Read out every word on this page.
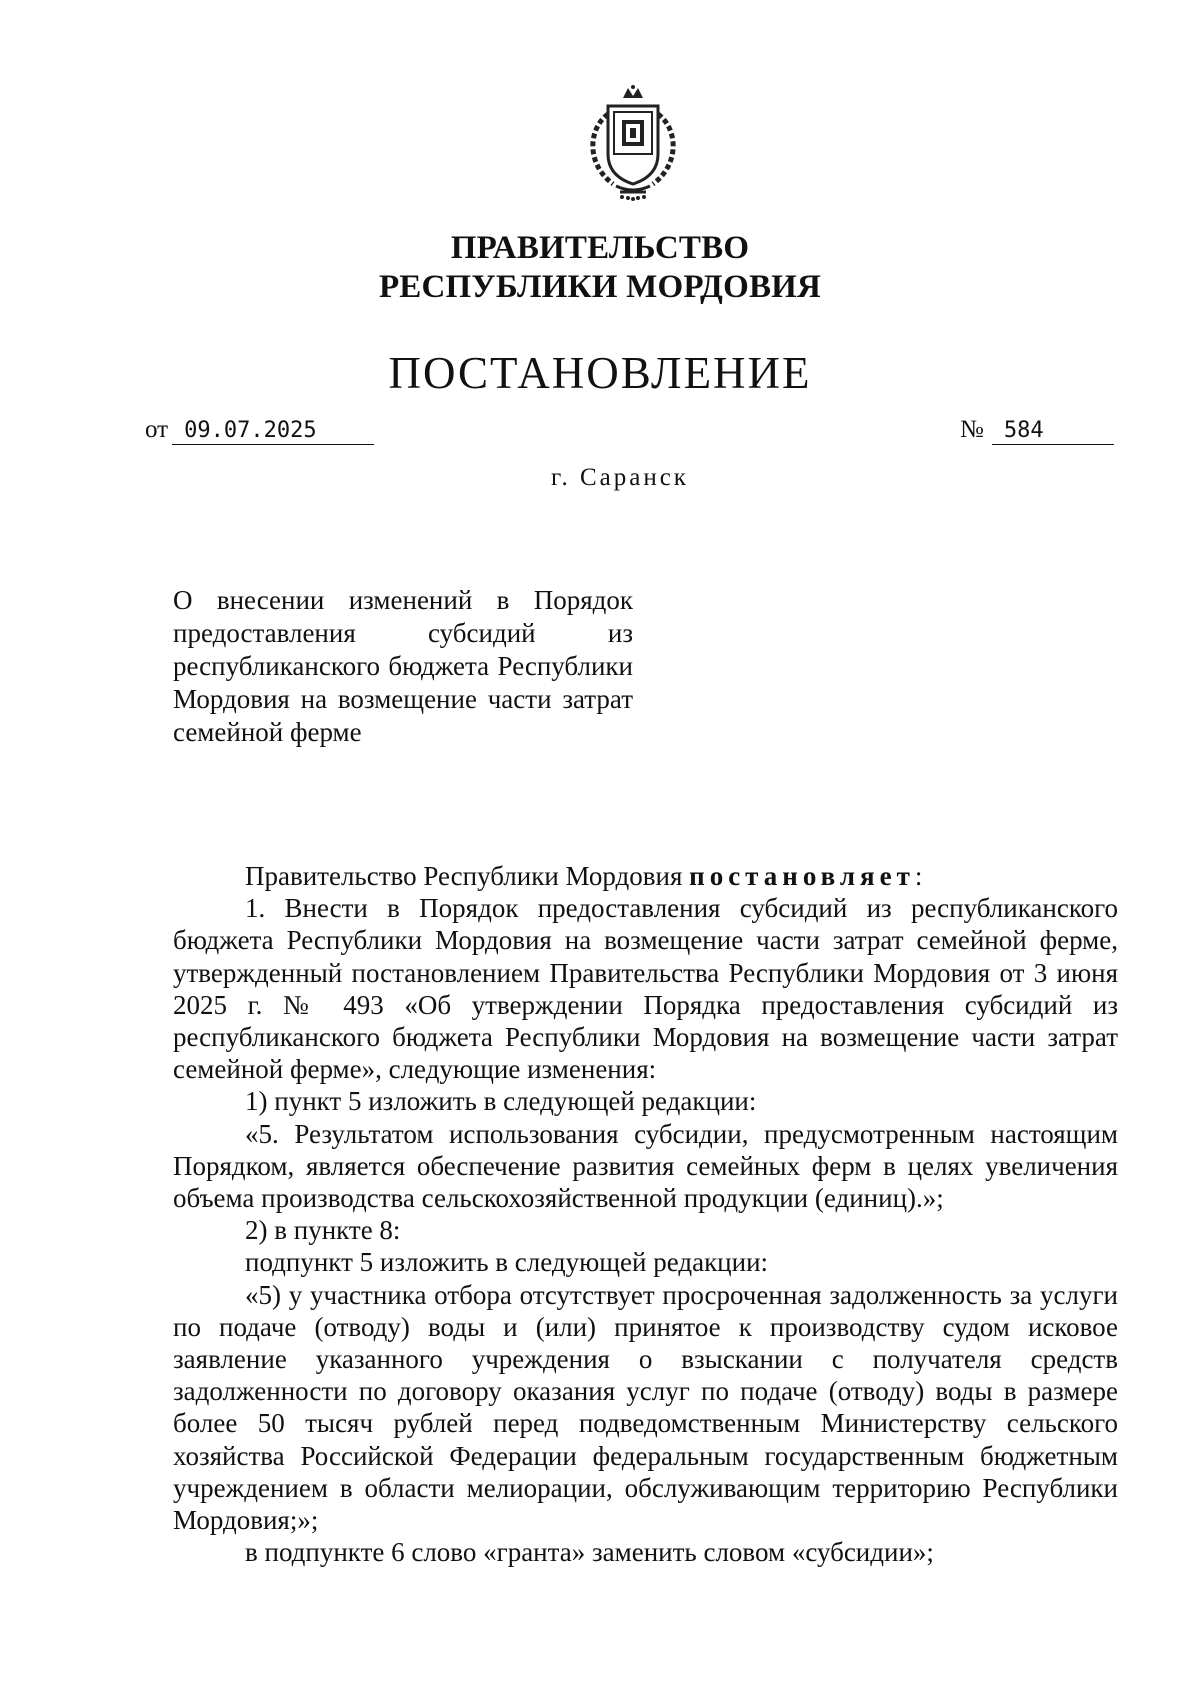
ПРАВИТЕЛЬСТВО
РЕСПУБЛИКИ МОРДОВИЯ
ПОСТАНОВЛЕНИЕ
от 09.07.2025	№ 584
г. Саранск
О внесении изменений в Порядок предоставления субсидий из республиканского бюджета Республики Мордовия на возмещение части затрат семейной ферме

Правительство Республики Мордовия постановляет:

1. Внести в Порядок предоставления субсидий из республиканского бюджета Республики Мордовия на возмещение части затрат семейной ферме, утвержденный постановлением Правительства Республики Мордовия от 3 июня 2025 г. № 493 «Об утверждении Порядка предоставления субсидий из республиканского бюджета Республики Мордовия на возмещение части затрат семейной ферме», следующие изменения:

1) пункт 5 изложить в следующей редакции:

«5. Результатом использования субсидии, предусмотренным настоящим Порядком, является обеспечение развития семейных ферм в целях увеличения объема производства сельскохозяйственной продукции (единиц).»;

2) в пункте 8:

подпункт 5 изложить в следующей редакции:

«5) у участника отбора отсутствует просроченная задолженность за услуги по подаче (отводу) воды и (или) принятое к производству судом исковое заявление указанного учреждения о взыскании с получателя средств задолженности по договору оказания услуг по подаче (отводу) воды в размере более 50 тысяч рублей перед подведомственным Министерству сельского хозяйства Российской Федерации федеральным государственным бюджетным учреждением в области мелиорации, обслуживающим территорию Республики Мордовия;»;

в подпункте 6 слово «гранта» заменить словом «субсидии»;
